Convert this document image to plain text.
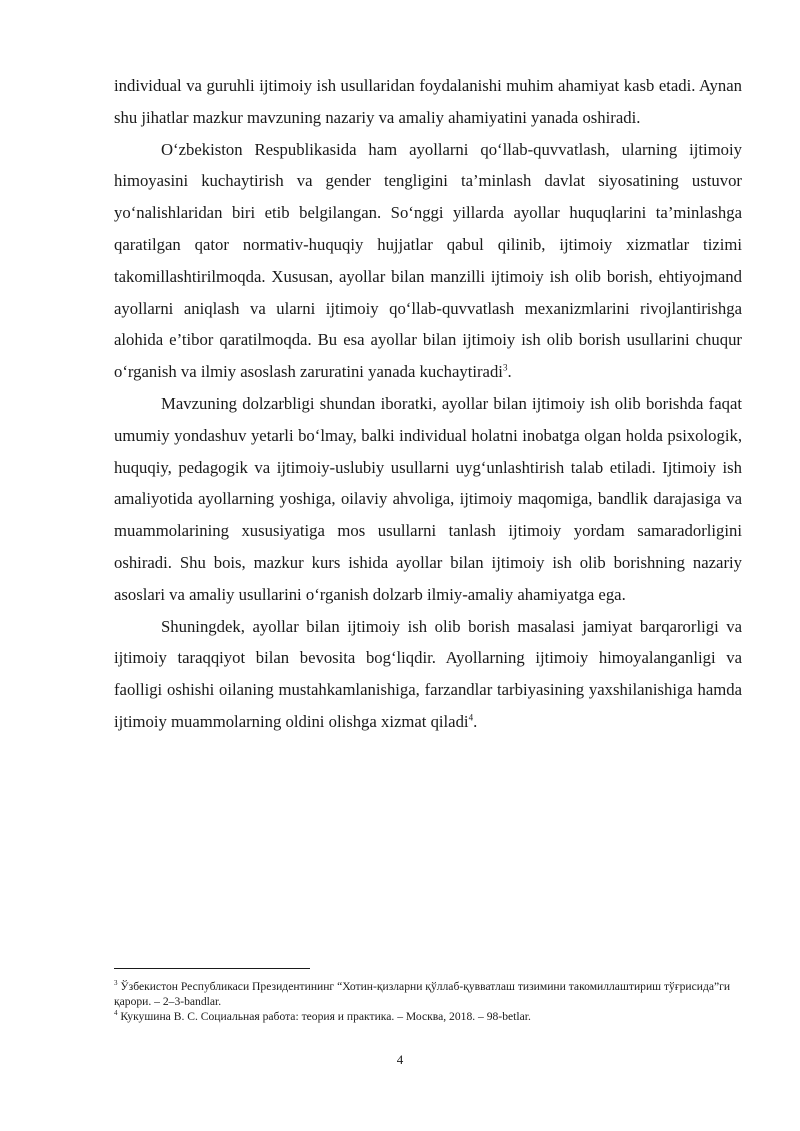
individual va guruhli ijtimoiy ish usullaridan foydalanishi muhim ahamiyat kasb etadi. Aynan shu jihatlar mazkur mavzuning nazariy va amaliy ahamiyatini yanada oshiradi.

O‘zbekiston Respublikasida ham ayollarni qo‘llab-quvvatlash, ularning ijtimoiy himoyasini kuchaytirish va gender tengligini ta’minlash davlat siyosatining ustuvor yo‘nalishlaridan biri etib belgilangan. So‘nggi yillarda ayollar huquqlarini ta’minlashga qaratilgan qator normativ-huquqiy hujjatlar qabul qilinib, ijtimoiy xizmatlar tizimi takomillashtirilmoqda. Xususan, ayollar bilan manzilli ijtimoiy ish olib borish, ehtiyojmand ayollarni aniqlash va ularni ijtimoiy qo‘llab-quvvatlash mexanizmlarini rivojlantirishga alohida e’tibor qaratilmoqda. Bu esa ayollar bilan ijtimoiy ish olib borish usullarini chuqur o‘rganish va ilmiy asoslash zaruratini yanada kuchaytiradi$^3$.

Mavzuning dolzarbligi shundan iboratki, ayollar bilan ijtimoiy ish olib borishda faqat umumiy yondashuv yetarli bo‘lmay, balki individual holatni inobatga olgan holda psixologik, huquqiy, pedagogik va ijtimoiy-uslubiy usullarni uyg‘unlashtirish talab etiladi. Ijtimoiy ish amaliyotida ayollarning yoshiga, oilaviy ahvoliga, ijtimoiy maqomiga, bandlik darajasiga va muammolarining xususiyatiga mos usullarni tanlash ijtimoiy yordam samaradorligini oshiradi. Shu bois, mazkur kurs ishida ayollar bilan ijtimoiy ish olib borishning nazariy asoslari va amaliy usullarini o‘rganish dolzarb ilmiy-amaliy ahamiyatga ega.

Shuningdek, ayollar bilan ijtimoiy ish olib borish masalasi jamiyat barqarorligi va ijtimoiy taraqqiyot bilan bevosita bog‘liqdir. Ayollarning ijtimoiy himoyalanganligi va faolligi oshishi oilaning mustahkamlanishiga, farzandlar tarbiyasining yaxshilanishiga hamda ijtimoiy muammolarning oldini olishga xizmat qiladi$^4$.

$^3$ Ўзбекистон Республикаси Президентининг “Хотин-қизларни қўллаб-қувватлаш тизимини такомиллаштириш тўғрисида”ги қарори. – 2–3-bandlar.

$^4$ Кукушина В. С. Социальная работа: теория и практика. – Москва, 2018. – 98-betlar.

4
